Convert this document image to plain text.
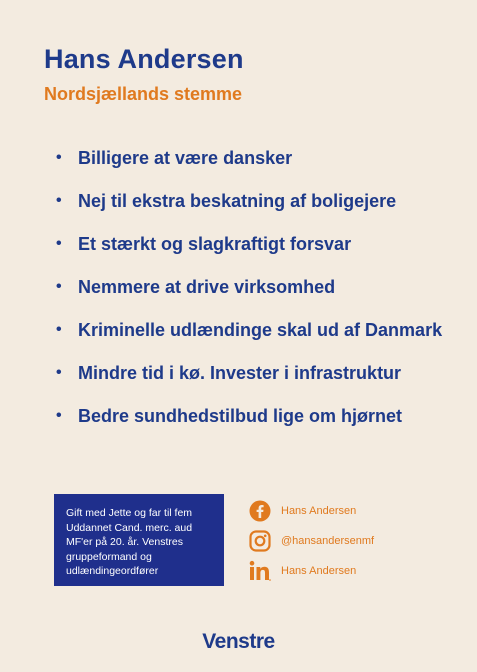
Hans Andersen
Nordsjællands stemme
• Billigere at være dansker
• Nej til ekstra beskatning af boligejere
• Et stærkt og slagkraftigt forsvar
• Nemmere at drive virksomhed
• Kriminelle udlændinge skal ud af Danmark
• Mindre tid i kø. Invester i infrastruktur
• Bedre sundhedstilbud lige om hjørnet
Gift med Jette og far til fem
Uddannet Cand. merc. aud
MF'er på 20. år. Venstres
gruppeformand og
udlændingeordfører
Hans Andersen
@hansandersenmf
Hans Andersen
Venstre
